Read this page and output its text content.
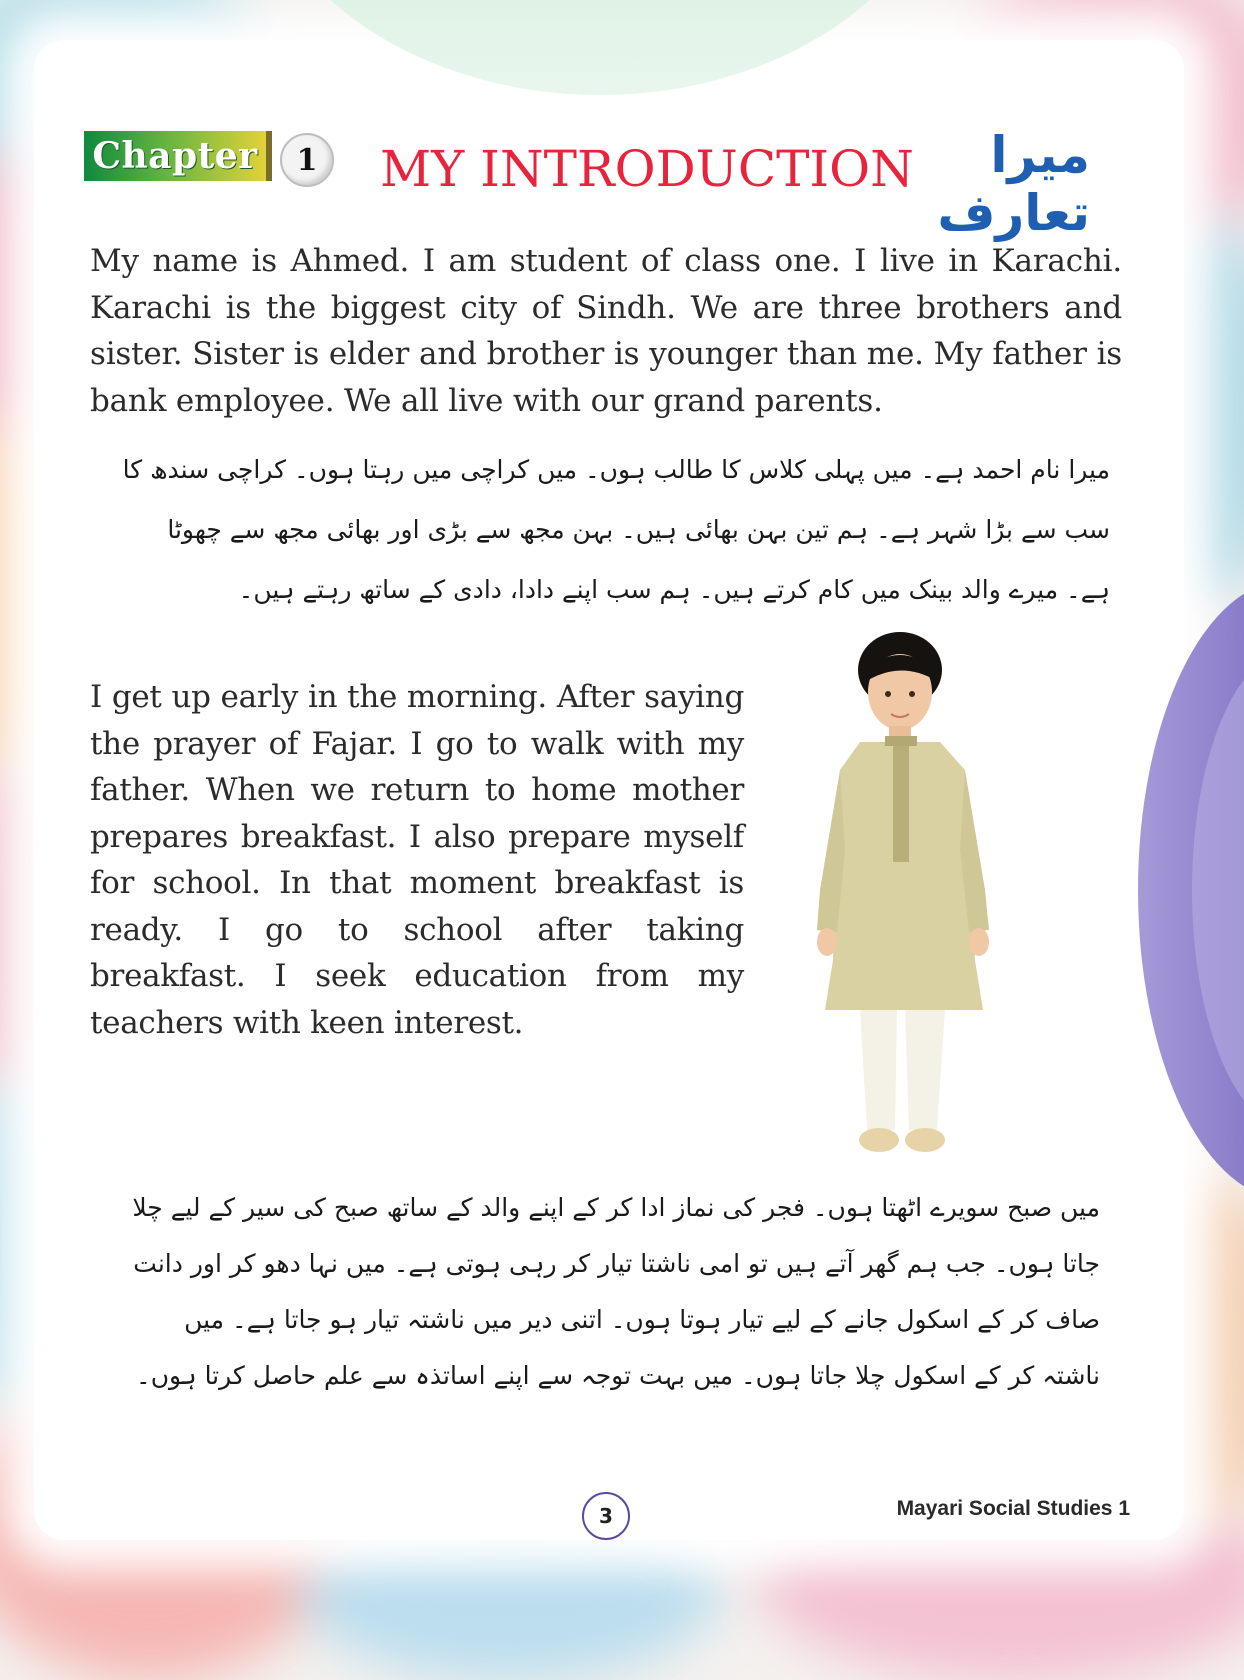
Chapter	1	MY INTRODUCTION	میرا تعارف

My name is Ahmed. I am student of class one. I live in Karachi. Karachi is the biggest city of Sindh. We are three brothers and sister. Sister is elder and brother is younger than me. My father is bank employee. We all live with our grand parents.

میرا نام احمد ہے۔ میں پہلی کلاس کا طالب ہوں۔ میں کراچی میں رہتا ہوں۔ کراچی سندھ کا سب سے بڑا شہر ہے۔ ہم تین بہن بھائی ہیں۔ بہن مجھ سے بڑی اور بھائی مجھ سے چھوٹا ہے۔ میرے والد بینک میں کام کرتے ہیں۔ ہم سب اپنے دادا، دادی کے ساتھ رہتے ہیں۔

I get up early in the morning. After saying the prayer of Fajar. I go to walk with my father. When we return to home mother prepares breakfast. I also prepare myself for school. In that moment breakfast is ready. I go to school after taking breakfast. I seek education from my teachers with keen interest.

میں صبح سویرے اٹھتا ہوں۔ فجر کی نماز ادا کر کے اپنے والد کے ساتھ صبح کی سیر کے لیے چلا جاتا ہوں۔ جب ہم گھر آتے ہیں تو امی ناشتا تیار کر رہی ہوتی ہے۔ میں نہا دھو کر اور دانت صاف کر کے اسکول جانے کے لیے تیار ہوتا ہوں۔ اتنی دیر میں ناشتہ تیار ہو جاتا ہے۔ میں ناشتہ کر کے اسکول چلا جاتا ہوں۔ میں بہت توجہ سے اپنے اساتذہ سے علم حاصل کرتا ہوں۔

3	Mayari Social Studies 1
